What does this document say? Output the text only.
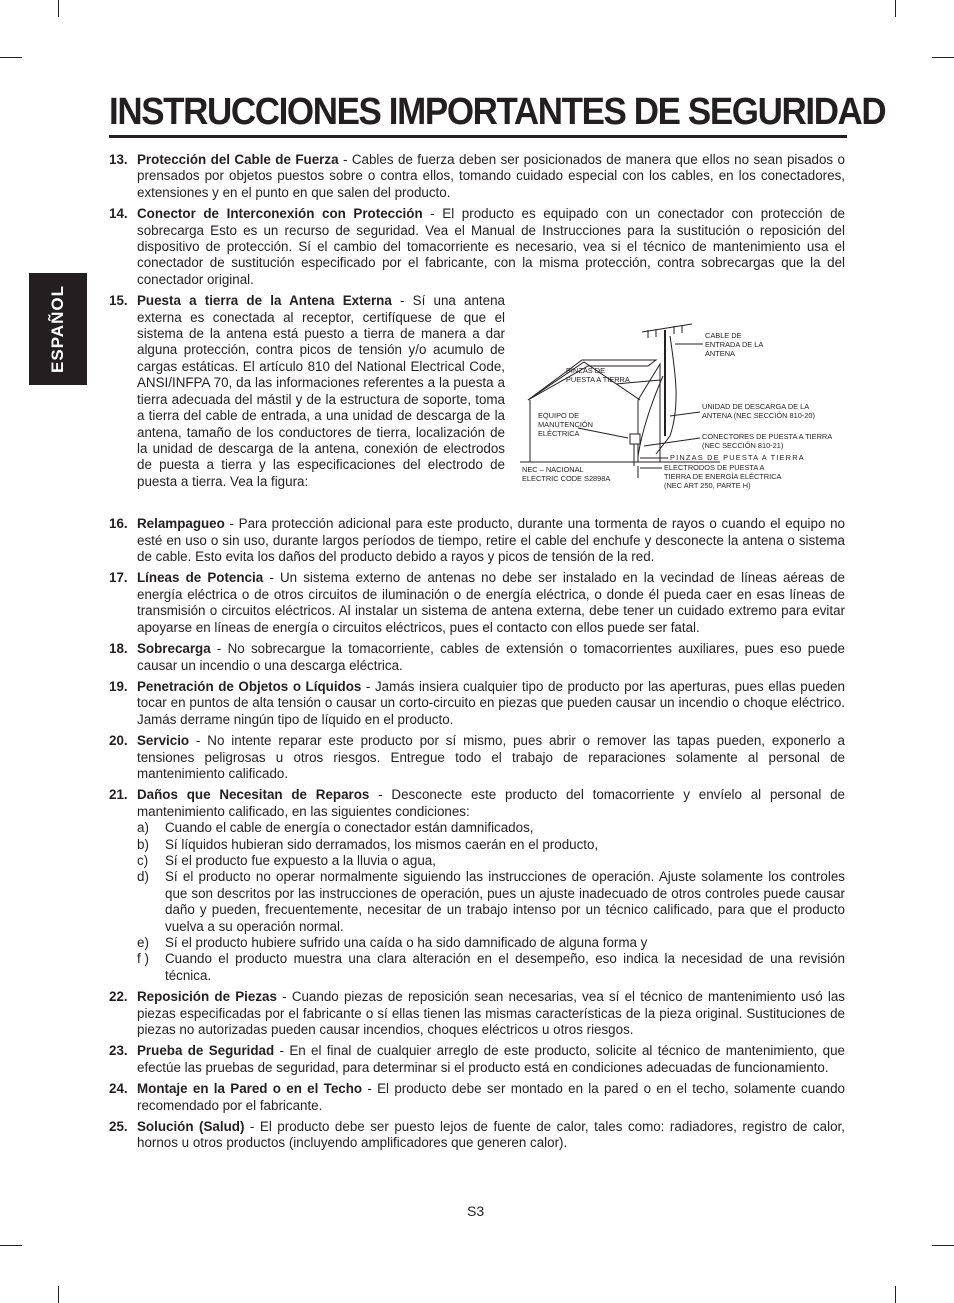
INSTRUCCIONES IMPORTANTES DE SEGURIDAD
ESPAÑOL
13. Protección del Cable de Fuerza - Cables de fuerza deben ser posicionados de manera que ellos no sean pisados o prensados por objetos puestos sobre o contra ellos, tomando cuidado especial con los cables, en los conectadores, extensiones y en el punto en que salen del producto.
14. Conector de Interconexión con Protección - El producto es equipado con un conectador con protección de sobrecarga Esto es un recurso de seguridad. Vea el Manual de Instrucciones para la sustitución o reposición del dispositivo de protección. Sí el cambio del tomacorriente es necesario, vea si el técnico de mantenimiento usa el conectador de sustitución especificado por el fabricante, con la misma protección, contra sobrecargas que la del conectador original.
15. Puesta a tierra de la Antena Externa - Sí una antena externa es conectada al receptor, certifíquese de que el sistema de la antena está puesto a tierra de manera a dar alguna protección, contra picos de tensión y/o acumulo de cargas estáticas. El artículo 810 del National Electrical Code, ANSI/INFPA 70, da las informaciones referentes a la puesta a tierra adecuada del mástil y de la estructura de soporte, toma a tierra del cable de entrada, a una unidad de descarga de la antena, tamaño de los conductores de tierra, localización de la unidad de descarga de la antena, conexión de electrodos de puesta a tierra y las especificaciones del electrodo de puesta a tierra. Vea la figura:
16. Relampagueo - Para protección adicional para este producto, durante una tormenta de rayos o cuando el equipo no esté en uso o sin uso, durante largos períodos de tiempo, retire el cable del enchufe y desconecte la antena o sistema de cable. Esto evita los daños del producto debido a rayos y picos de tensión de la red.
17. Líneas de Potencia - Un sistema externo de antenas no debe ser instalado en la vecindad de líneas aéreas de energía eléctrica o de otros circuitos de iluminación o de energía eléctrica, o donde él pueda caer en esas líneas de transmisión o circuitos eléctricos. Al instalar un sistema de antena externa, debe tener un cuidado extremo para evitar apoyarse en líneas de energía o circuitos eléctricos, pues el contacto con ellos puede ser fatal.
18. Sobrecarga - No sobrecargue la tomacorriente, cables de extensión o tomacorrientes auxiliares, pues eso puede causar un incendio o una descarga eléctrica.
19. Penetración de Objetos o Líquidos - Jamás insiera cualquier tipo de producto por las aperturas, pues ellas pueden tocar en puntos de alta tensión o causar un corto-circuito en piezas que pueden causar un incendio o choque eléctrico. Jamás derrame ningún tipo de líquido en el producto.
20. Servicio - No intente reparar este producto por sí mismo, pues abrir o remover las tapas pueden, exponerlo a tensiones peligrosas u otros riesgos. Entregue todo el trabajo de reparaciones solamente al personal de mantenimiento calificado.
21. Daños que Necesitan de Reparos - Desconecte este producto del tomacorriente y envíelo al personal de mantenimiento calificado, en las siguientes condiciones:
a) Cuando el cable de energía o conectador están damnificados,
b) Sí líquidos hubieran sido derramados, los mismos caerán en el producto,
c) Sí el producto fue expuesto a la lluvia o agua,
d) Sí el producto no operar normalmente siguiendo las instrucciones de operación. Ajuste solamente los controles que son descritos por las instrucciones de operación, pues un ajuste inadecuado de otros controles puede causar daño y pueden, frecuentemente, necesitar de un trabajo intenso por un técnico calificado, para que el producto vuelva a su operación normal.
e) Sí el producto hubiere sufrido una caída o ha sido damnificado de alguna forma y
f ) Cuando el producto muestra una clara alteración en el desempeño, eso indica la necesidad de una revisión técnica.
22. Reposición de Piezas - Cuando piezas de reposición sean necesarias, vea sí el técnico de mantenimiento usó las piezas especificadas por el fabricante o sí ellas tienen las mismas características de la pieza original. Sustituciones de piezas no autorizadas pueden causar incendios, choques eléctricos u otros riesgos.
23. Prueba de Seguridad - En el final de cualquier arreglo de este producto, solicite al técnico de mantenimiento, que efectúe las pruebas de seguridad, para determinar si el producto está en condiciones adecuadas de funcionamiento.
24. Montaje en la Pared o en el Techo - El producto debe ser montado en la pared o en el techo, solamente cuando recomendado por el fabricante.
25. Solución (Salud) - El producto debe ser puesto lejos de fuente de calor, tales como: radiadores, registro de calor, hornos u otros productos (incluyendo amplificadores que generen calor).
CABLE DE ENTRADA DE LA ANTENA
PINZAS DE PUESTA A TIERRA
UNIDAD DE DESCARGA DE LA ANTENA (NEC SECCIÓN 810-20)
EQUIPO DE MANUTENCIÓN ELÉCTRICA	CONECTORES DE PUESTA A TIERRA (NEC SECCIÓN 810-21)
PINZAS DE PUESTA A TIERRA
NEC – NACIONAL ELECTRIC CODE S2898A
ELECTRODOS DE PUESTA A TIERRA DE ENERGÍA ELÉCTRICA (NEC ART 250, PARTE H)
S3
